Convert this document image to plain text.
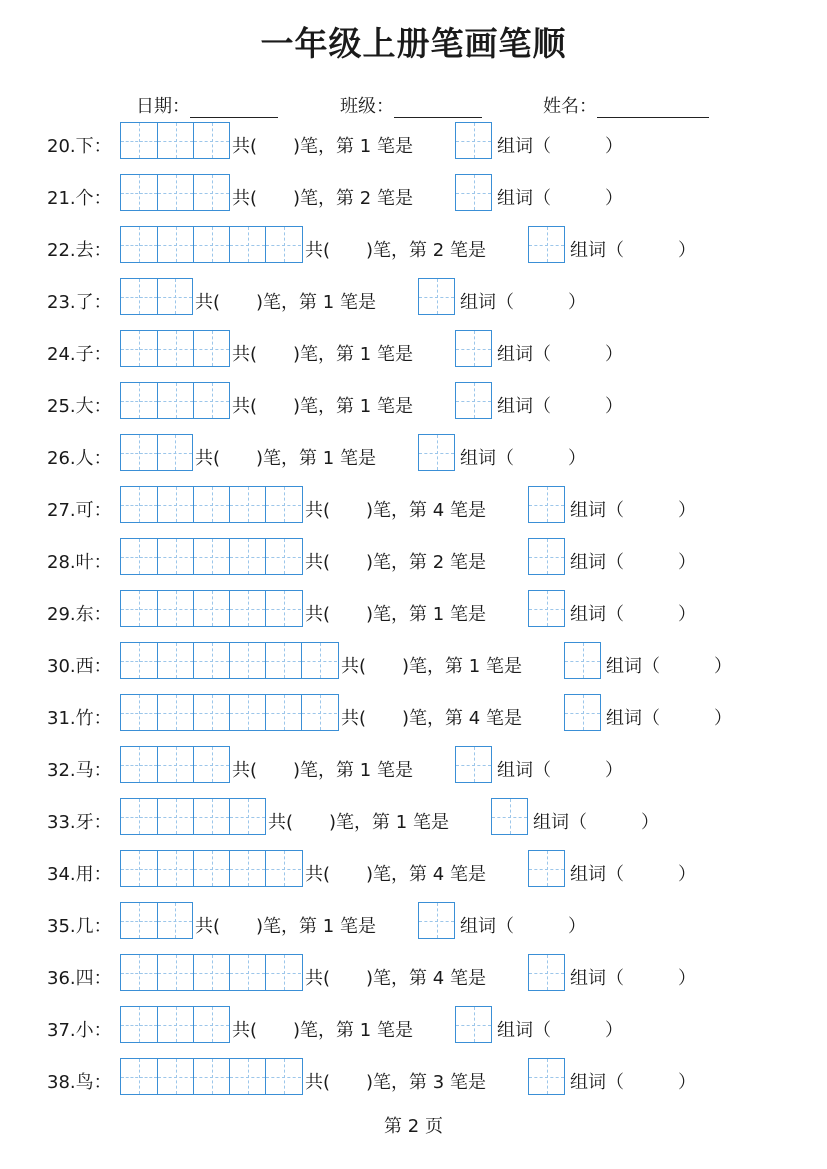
一年级上册笔画笔顺
日期：	班级：	姓名：
20.下：	共(　　)笔，第 1 笔是	组词（　　　）
21.个：	共(　　)笔，第 2 笔是	组词（　　　）
22.去：	共(　　)笔，第 2 笔是	组词（　　　）
23.了：	共(　　)笔，第 1 笔是	组词（　　　）
24.子：	共(　　)笔，第 1 笔是	组词（　　　）
25.大：	共(　　)笔，第 1 笔是	组词（　　　）
26.人：	共(　　)笔，第 1 笔是	组词（　　　）
27.可：	共(　　)笔，第 4 笔是	组词（　　　）
28.叶：	共(　　)笔，第 2 笔是	组词（　　　）
29.东：	共(　　)笔，第 1 笔是	组词（　　　）
30.西：	共(　　)笔，第 1 笔是	组词（　　　）
31.竹：	共(　　)笔，第 4 笔是	组词（　　　）
32.马：	共(　　)笔，第 1 笔是	组词（　　　）
33.牙：	共(　　)笔，第 1 笔是	组词（　　　）
34.用：	共(　　)笔，第 4 笔是	组词（　　　）
35.几：	共(　　)笔，第 1 笔是	组词（　　　）
36.四：	共(　　)笔，第 4 笔是	组词（　　　）
37.小：	共(　　)笔，第 1 笔是	组词（　　　）
38.鸟：	共(　　)笔，第 3 笔是	组词（　　　）
第 2 页
